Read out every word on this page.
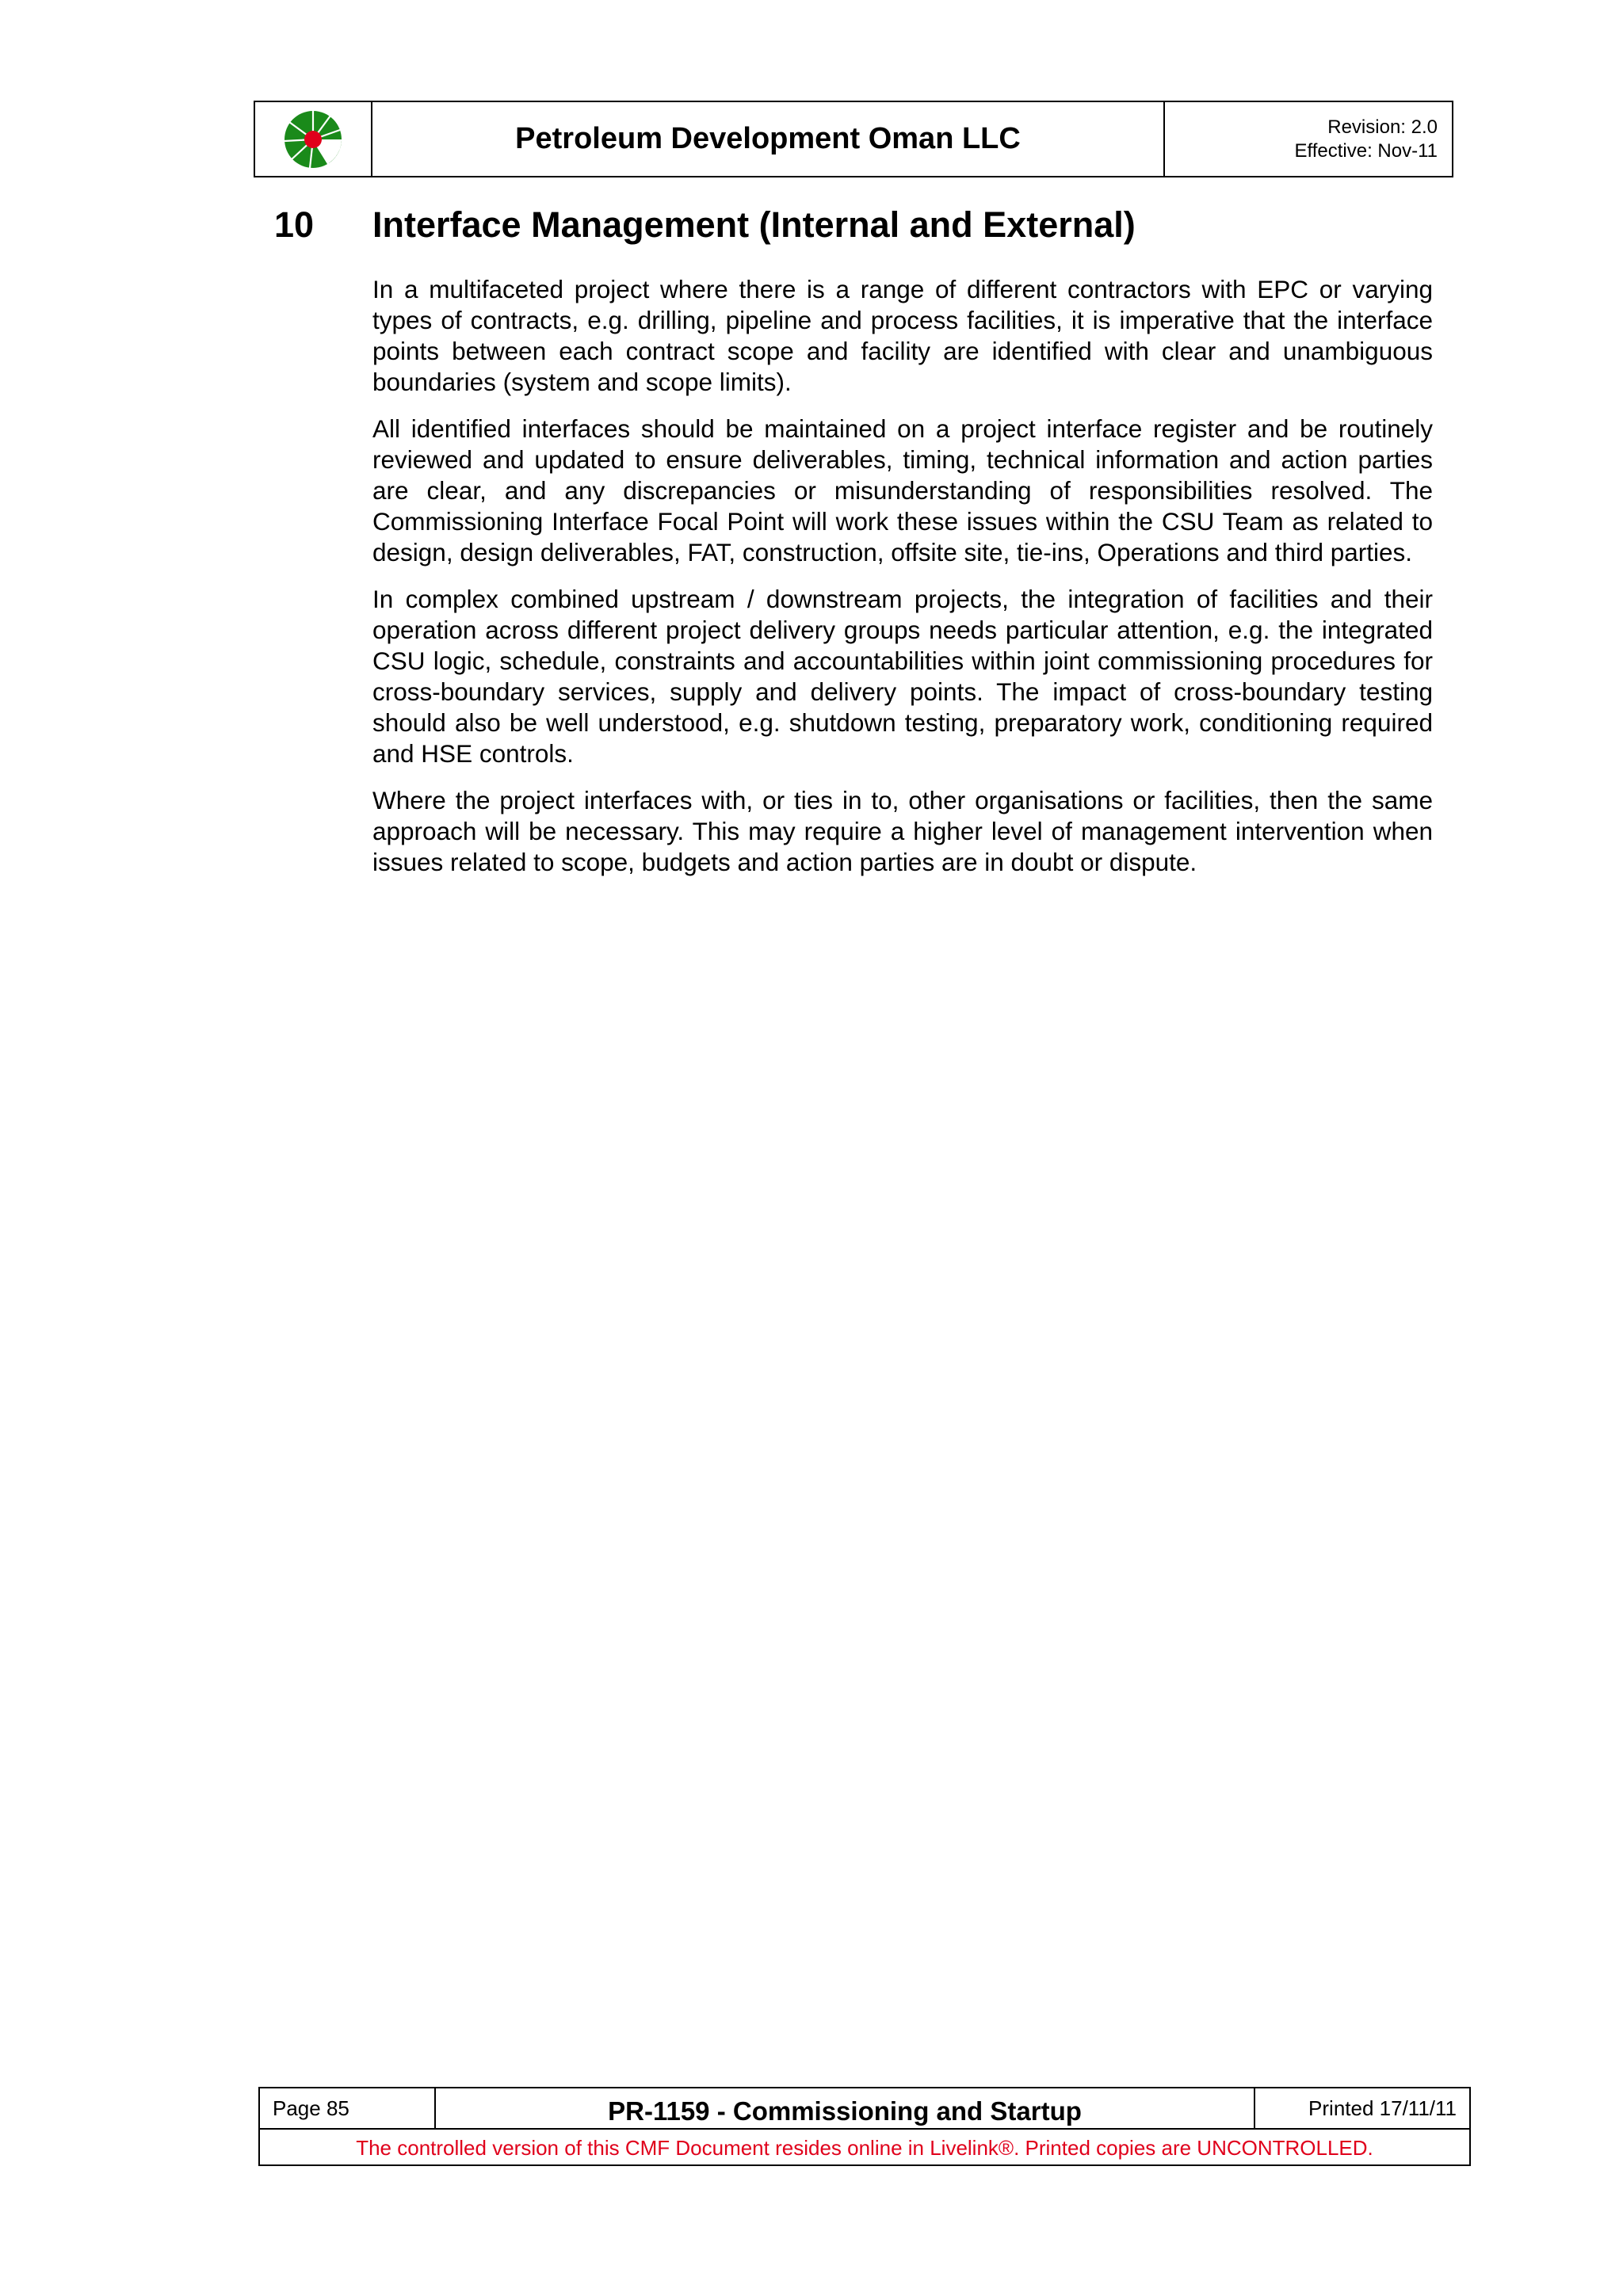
Petroleum Development Oman LLC	Revision: 2.0
Effective: Nov-11
10	Interface Management (Internal and External)

In a multifaceted project where there is a range of different contractors with EPC or varying types of contracts, e.g. drilling, pipeline and process facilities, it is imperative that the interface points between each contract scope and facility are identified with clear and unambiguous boundaries (system and scope limits).

All identified interfaces should be maintained on a project interface register and be routinely reviewed and updated to ensure deliverables, timing, technical information and action parties are clear, and any discrepancies or misunderstanding of responsibilities resolved. The Commissioning Interface Focal Point will work these issues within the CSU Team as related to design, design deliverables, FAT, construction, offsite site, tie-ins, Operations and third parties.

In complex combined upstream / downstream projects, the integration of facilities and their operation across different project delivery groups needs particular attention, e.g. the integrated CSU logic, schedule, constraints and accountabilities within joint commissioning procedures for cross-boundary services, supply and delivery points. The impact of cross-boundary testing should also be well understood, e.g. shutdown testing, preparatory work, conditioning required and HSE controls.

Where the project interfaces with, or ties in to, other organisations or facilities, then the same approach will be necessary. This may require a higher level of management intervention when issues related to scope, budgets and action parties are in doubt or dispute.

Page 85	PR-1159 - Commissioning and Startup	Printed 17/11/11
The controlled version of this CMF Document resides online in Livelink®. Printed copies are UNCONTROLLED.
